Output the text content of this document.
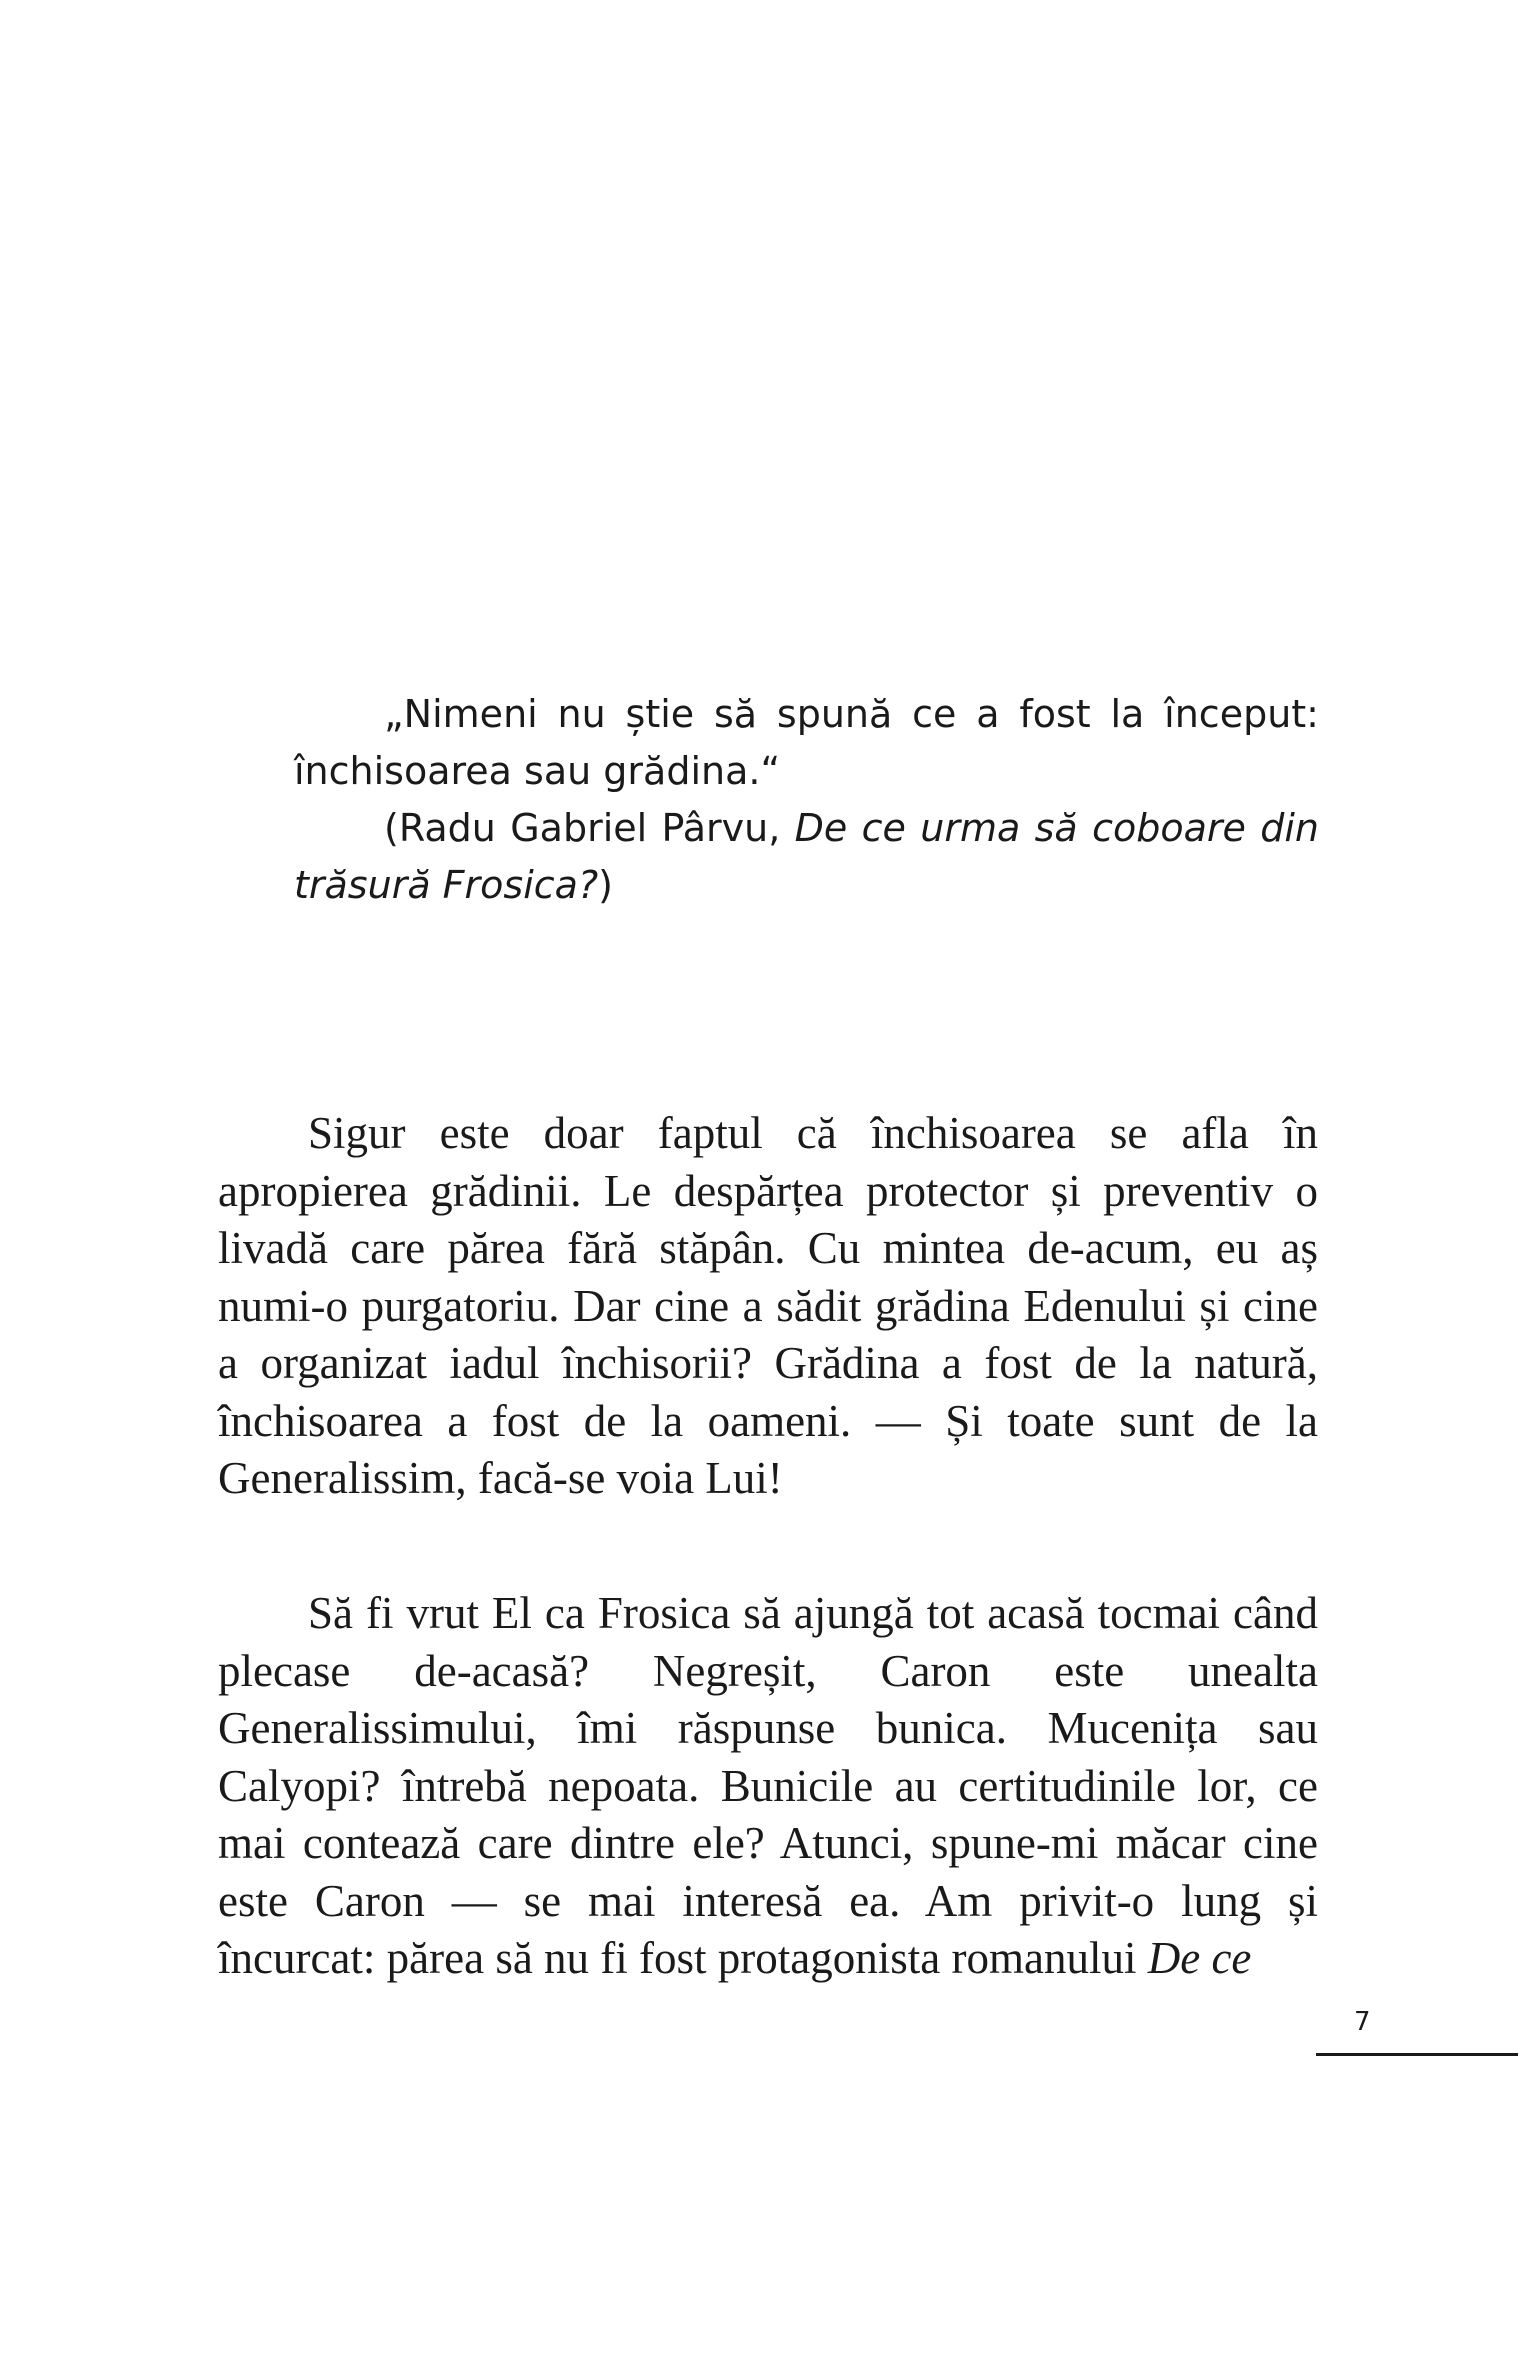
„Nimeni nu știe să spună ce a fost la început: închisoarea sau grădina.“

(Radu Gabriel Pârvu, De ce urma să coboare din trăsură Frosica?)

Sigur este doar faptul că închisoarea se afla în apropierea grădinii. Le despărțea protector și preventiv o livadă care părea fără stăpân. Cu mintea de-acum, eu aș numi-o purgatoriu. Dar cine a sădit grădina Edenului și cine a organizat iadul închisorii? Grădina a fost de la natură, închisoarea a fost de la oameni. — Și toate sunt de la Generalissim, facă-se voia Lui!

Să fi vrut El ca Frosica să ajungă tot acasă tocmai când plecase de-acasă? Negreșit, Caron este unealta Generalissimului, îmi răspunse bunica. Mucenița sau Calyopi? întrebă nepoata. Bunicile au certitudinile lor, ce mai contează care dintre ele? Atunci, spune-mi măcar cine este Caron — se mai interesă ea. Am privit-o lung și încurcat: părea să nu fi fost protagonista romanului De ce

7
